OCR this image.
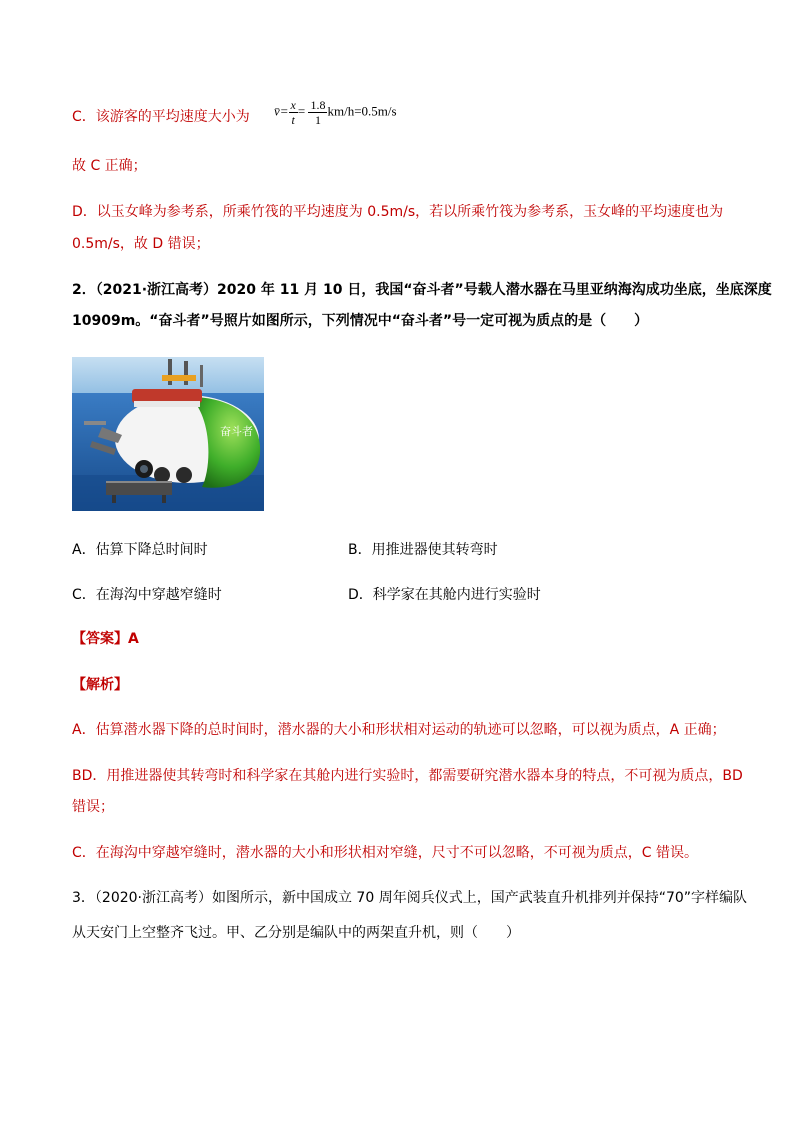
C．该游客的平均速度大小为 v̄= $\frac{x}{t} = \frac{1.8}{1} km/h=0.5m/s$
故 C 正确；
D．以玉女峰为参考系，所乘竹筏的平均速度为 0.5m/s，若以所乘竹筏为参考系，玉女峰的平均速度也为
0.5m/s，故 D 错误；
2．（2021·浙江高考）2020 年 11 月 10 日，我国“奋斗者”号载人潜水器在马里亚纳海沟成功坐底，坐底深度
10909m。“奋斗者”号照片如图所示，下列情况中“奋斗者”号一定可视为质点的是（　　）
奋斗者
A．估算下降总时间时	B．用推进器使其转弯时
C．在海沟中穿越窄缝时	D．科学家在其舱内进行实验时
【答案】A
【解析】
A．估算潜水器下降的总时间时，潜水器的大小和形状相对运动的轨迹可以忽略，可以视为质点，A 正确；
BD．用推进器使其转弯时和科学家在其舱内进行实验时，都需要研究潜水器本身的特点，不可视为质点，BD
错误；
C．在海沟中穿越窄缝时，潜水器的大小和形状相对窄缝，尺寸不可以忽略，不可视为质点，C 错误。
3．（2020·浙江高考）如图所示，新中国成立 70 周年阅兵仪式上，国产武装直升机排列并保持“70”字样编队
从天安门上空整齐飞过。甲、乙分别是编队中的两架直升机，则（　　）
